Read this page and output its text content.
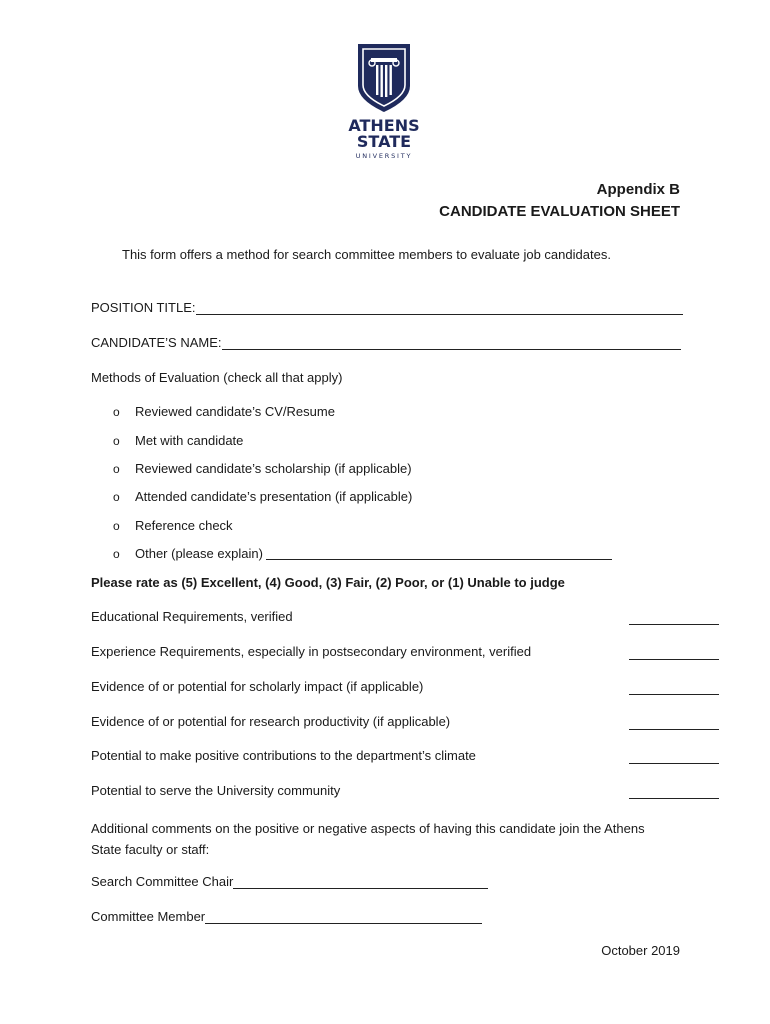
ATHENS
STATE
UNIVERSITY
Appendix B
CANDIDATE EVALUATION SHEET
This form offers a method for search committee members to evaluate job candidates.
POSITION TITLE:
CANDIDATE’S NAME:
Methods of Evaluation (check all that apply)
o	Reviewed candidate’s CV/Resume
o	Met with candidate
o	Reviewed candidate’s scholarship (if applicable)
o	Attended candidate’s presentation (if applicable)
o	Reference check
o	Other (please explain)
Please rate as (5) Excellent, (4) Good, (3) Fair, (2) Poor, or (1) Unable to judge
Educational Requirements, verified
Experience Requirements, especially in postsecondary environment, verified
Evidence of or potential for scholarly impact (if applicable)
Evidence of or potential for research productivity (if applicable)
Potential to make positive contributions to the department’s climate
Potential to serve the University community
Additional comments on the positive or negative aspects of having this candidate join the Athens State faculty or staff:
Search Committee Chair
Committee Member
October 2019
